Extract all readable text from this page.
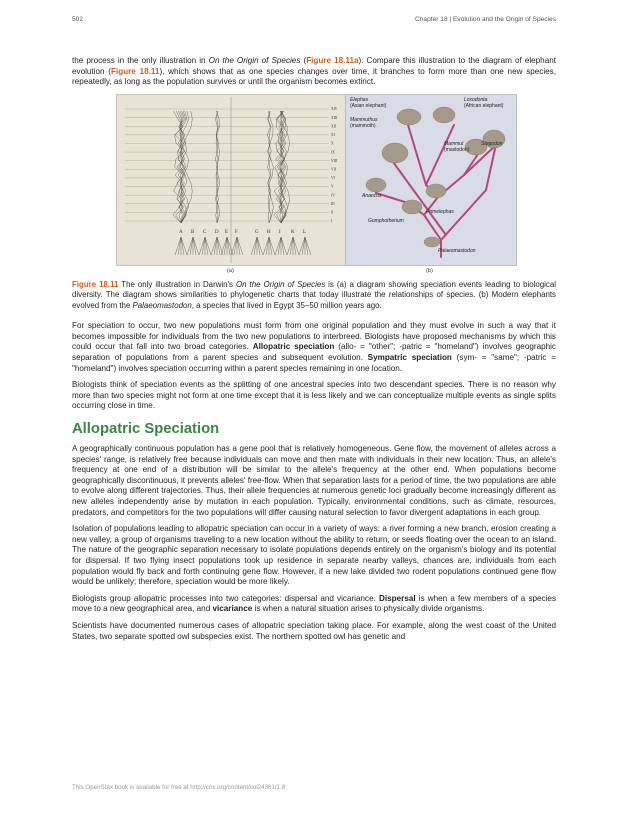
502	Chapter 18 | Evolution and the Origin of Species

the process in the only illustration in On the Origin of Species (Figure 18.11a). Compare this illustration to the diagram of elephant evolution (Figure 18.11), which shows that as one species changes over time, it branches to form more than one new species, repeatedly, as long as the population survives or until the organism becomes extinct.

A B C D E F	G H I K L
I
II
III
IV
V
VI
VII
VIII
IX
X
XI
XII
XIII
XIV
Elephas
(Asian elephant)
Loxodonta
(African elephant)
Mammuthus
(mammoth)
Mammut
(mastodon)
Stegodon
Anancus
Primelephas
Gomphotherium
Palaeomastodon
(a)	(b)

Figure 18.11 The only illustration in Darwin's On the Origin of Species is (a) a diagram showing speciation events leading to biological diversity. The diagram shows similarities to phylogenetic charts that today illustrate the relationships of species. (b) Modern elephants evolved from the Palaeomastodon, a species that lived in Egypt 35–50 million years ago.

For speciation to occur, two new populations must form from one original population and they must evolve in such a way that it becomes impossible for individuals from the two new populations to interbreed. Biologists have proposed mechanisms by which this could occur that fall into two broad categories. Allopatric speciation (allo- = "other"; -patric = "homeland") involves geographic separation of populations from a parent species and subsequent evolution. Sympatric speciation (sym- = "same"; -patric = "homeland") involves speciation occurring within a parent species remaining in one location.

Biologists think of speciation events as the splitting of one ancestral species into two descendant species. There is no reason why more than two species might not form at one time except that it is less likely and we can conceptualize multiple events as single splits occurring close in time.

Allopatric Speciation

A geographically continuous population has a gene pool that is relatively homogeneous. Gene flow, the movement of alleles across a species' range, is relatively free because individuals can move and then mate with individuals in their new location. Thus, an allele's frequency at one end of a distribution will be similar to the allele's frequency at the other end. When populations become geographically discontinuous, it prevents alleles' free-flow. When that separation lasts for a period of time, the two populations are able to evolve along different trajectories. Thus, their allele frequencies at numerous genetic loci gradually become increasingly different as new alleles independently arise by mutation in each population. Typically, environmental conditions, such as climate, resources, predators, and competitors for the two populations will differ causing natural selection to favor divergent adaptations in each group.

Isolation of populations leading to allopatric speciation can occur in a variety of ways: a river forming a new branch, erosion creating a new valley, a group of organisms traveling to a new location without the ability to return, or seeds floating over the ocean to an island. The nature of the geographic separation necessary to isolate populations depends entirely on the organism's biology and its potential for dispersal. If two flying insect populations took up residence in separate nearby valleys, chances are, individuals from each population would fly back and forth continuing gene flow. However, if a new lake divided two rodent populations continued gene flow would be unlikely; therefore, speciation would be more likely.

Biologists group allopatric processes into two categories: dispersal and vicariance. Dispersal is when a few members of a species move to a new geographical area, and vicariance is when a natural situation arises to physically divide organisms.

Scientists have documented numerous cases of allopatric speciation taking place. For example, along the west coast of the United States, two separate spotted owl subspecies exist. The northern spotted owl has genetic and

This OpenStax book is available for free at http://cnx.org/content/col24361/1.8
